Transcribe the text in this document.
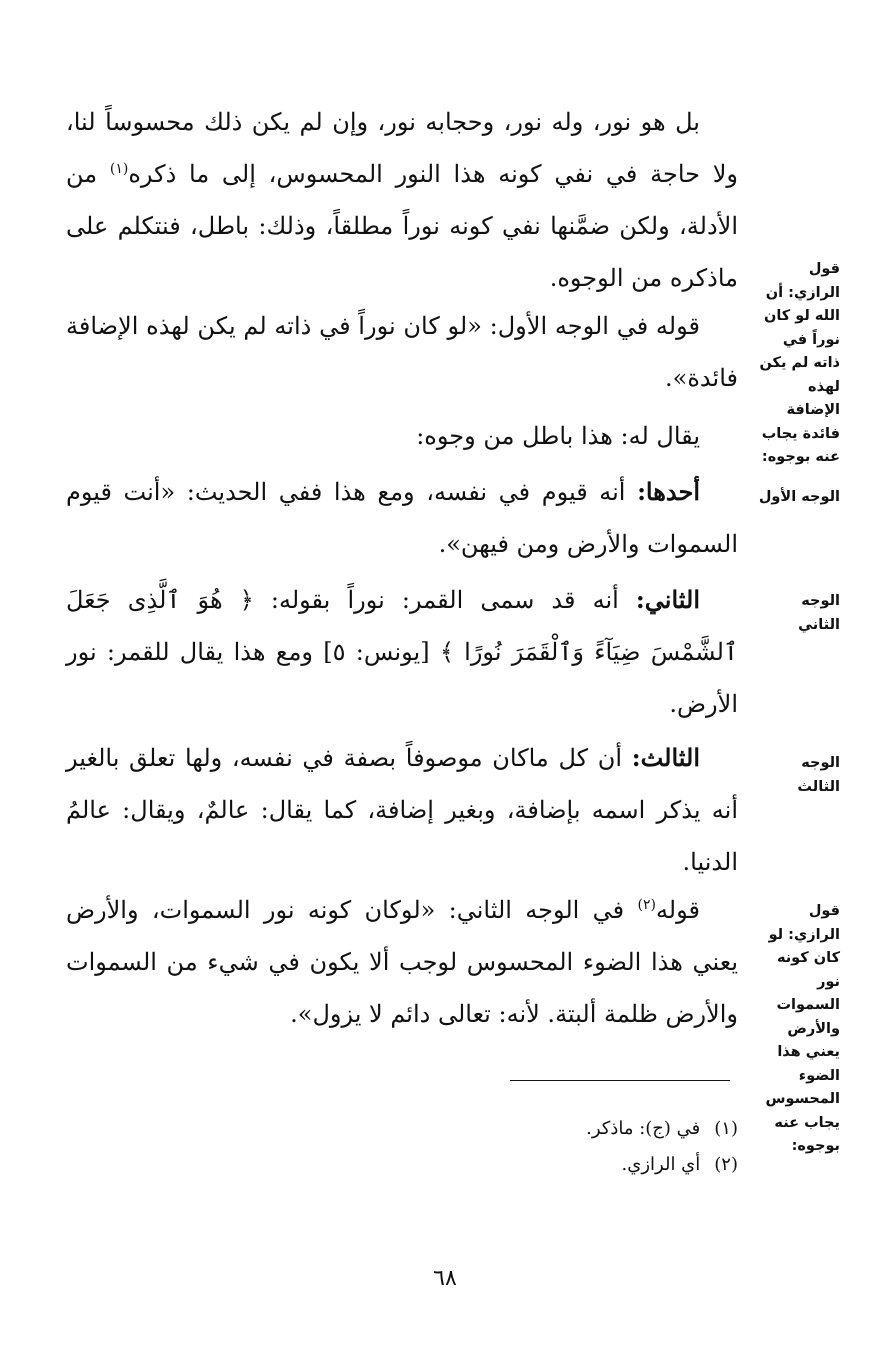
بل هو نور، وله نور، وحجابه نور، وإن لم يكن ذلك محسوساً لنا، ولا حاجة في نفي كونه هذا النور المحسوس، إلى ما ذكره$^{(١)}$ من الأدلة، ولكن ضمَّنها نفي كونه نوراً مطلقاً، وذلك: باطل، فنتكلم على ماذكره من الوجوه.
قوله في الوجه الأول: «لو كان نوراً في ذاته لم يكن لهذه الإضافة فائدة».
يقال له: هذا باطل من وجوه:
أحدها: أنه قيوم في نفسه، ومع هذا ففي الحديث: «أنت قيوم السموات والأرض ومن فيهن».
الثاني: أنه قد سمى القمر: نوراً بقوله: ﴿ هُوَ ٱلَّذِى جَعَلَ ٱلشَّمْسَ ضِيَآءً وَٱلْقَمَرَ نُورًا ﴾ [يونس: ٥] ومع هذا يقال للقمر: نور الأرض.
الثالث: أن كل ماكان موصوفاً بصفة في نفسه، ولها تعلق بالغير أنه يذكر اسمه بإضافة، وبغير إضافة، كما يقال: عالمٌ، ويقال: عالمُ الدنيا.
قوله$^{(٢)}$ في الوجه الثاني: «لوكان كونه نور السموات، والأرض يعني هذا الضوء المحسوس لوجب ألا يكون في شيء من السموات والأرض ظلمة ألبتة. لأنه: تعالى دائم لا يزول».
قول الرازي: أن الله لو كان نوراً في ذاته لم يكن لهذه الإضافة فائدة يجاب عنه بوجوه:
الوجه الأول
الوجه الثاني
الوجه الثالث
قول الرازي: لو كان كونه نور السموات والأرض يعني هذا الضوء المحسوس يجاب عنه بوجوه:
(١)في (ج): ماذكر.
(٢)أي الرازي.
٦٨
